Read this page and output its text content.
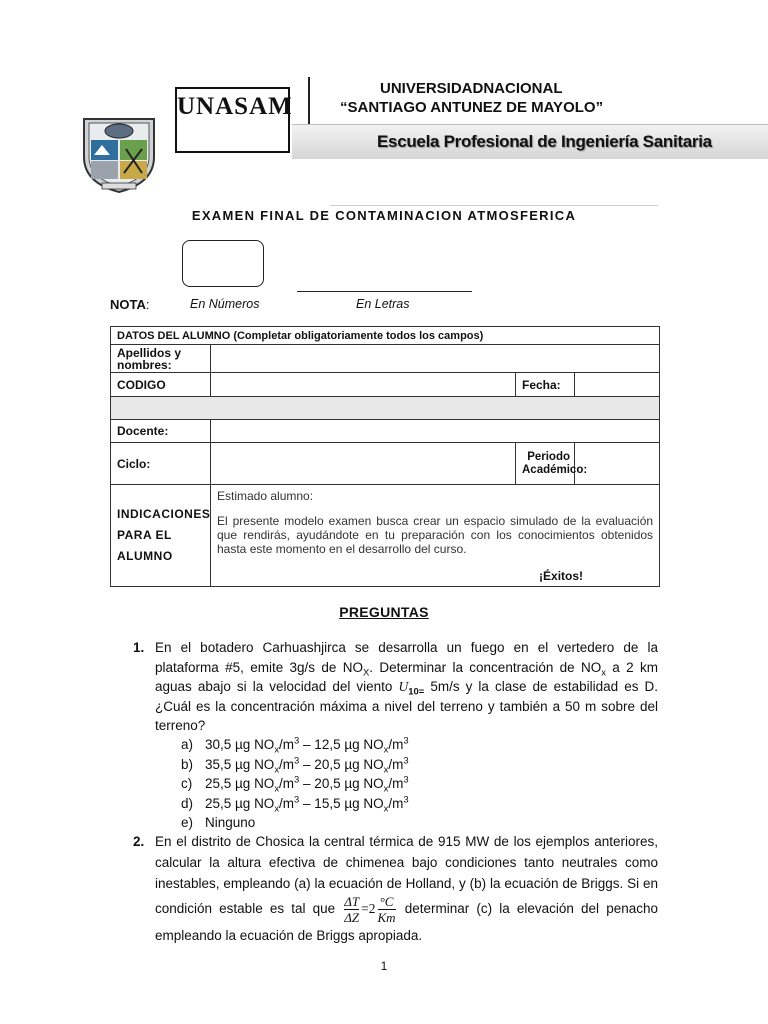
UNASAM
UNIVERSIDADNACIONAL
“SANTIAGO ANTUNEZ DE MAYOLO”
Escuela Profesional de Ingeniería Sanitaria
EXAMEN FINAL DE CONTAMINACION ATMOSFERICA
NOTA:	En Números	En Letras
DATOS DEL ALUMNO (Completar obligatoriamente todos los campos)			
Apellidos y nombres:			
CODIGO		Fecha:	

Docente:			
Ciclo:		Periodo Académico:	
INDICACIONES PARA EL ALUMNO	Estimado alumno:
El presente modelo examen busca crear un espacio simulado de la evaluación que rendirás, ayudándote en tu preparación con los conocimientos obtenidos hasta este momento en el desarrollo del curso.
¡Éxitos!		
PREGUNTAS
1. En el botadero Carhuashjirca se desarrolla un fuego en el vertedero de la plataforma #5, emite 3g/s de $NO_X$. Determinar la concentración de $NO_x$ a 2 km aguas abajo si la velocidad del viento $U_{10=}$ 5m/s y la clase de estabilidad es D. ¿Cuál es la concentración máxima a nivel del terreno y también a 50 m sobre del terreno?
a) 30,5 µg $NO_x/m^3 - 12,5$ µg $NO_x/m^3$
b) 35,5 µg $NO_x/m^3 - 20,5$ µg $NO_x/m^3$
c) 25,5 µg $NO_x/m^3 - 20,5$ µg $NO_x/m^3$
d) 25,5 µg $NO_x/m^3 - 15,5$ µg $NO_x/m^3$
e) Ninguno
2. En el distrito de Chosica la central térmica de 915 MW de los ejemplos anteriores, calcular la altura efectiva de chimenea bajo condiciones tanto neutrales como inestables, empleando (a) la ecuación de Holland, y (b) la ecuación de Briggs. Si en condición estable es tal que $\frac{\Delta T}{\Delta Z} =2 \frac{^\circ C}{Km}$ determinar (c) la elevación del penacho empleando la ecuación de Briggs apropiada.
1
